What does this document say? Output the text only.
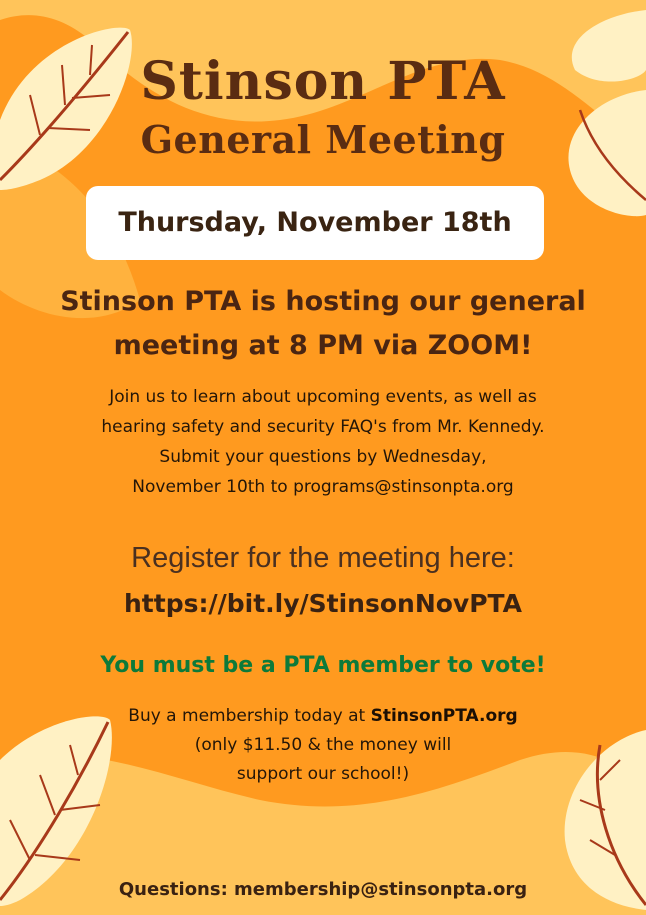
Stinson PTA
General Meeting
Thursday, November 18th
Stinson PTA is hosting our general
meeting at 8 PM via ZOOM!
Join us to learn about upcoming events, as well as
hearing safety and security FAQ's from Mr. Kennedy.
Submit your questions by Wednesday,
November 10th to programs@stinsonpta.org
Register for the meeting here:
https://bit.ly/StinsonNovPTA
You must be a PTA member to vote!
Buy a membership today at StinsonPTA.org
(only $11.50 & the money will
support our school!)
Questions: membership@stinsonpta.org
